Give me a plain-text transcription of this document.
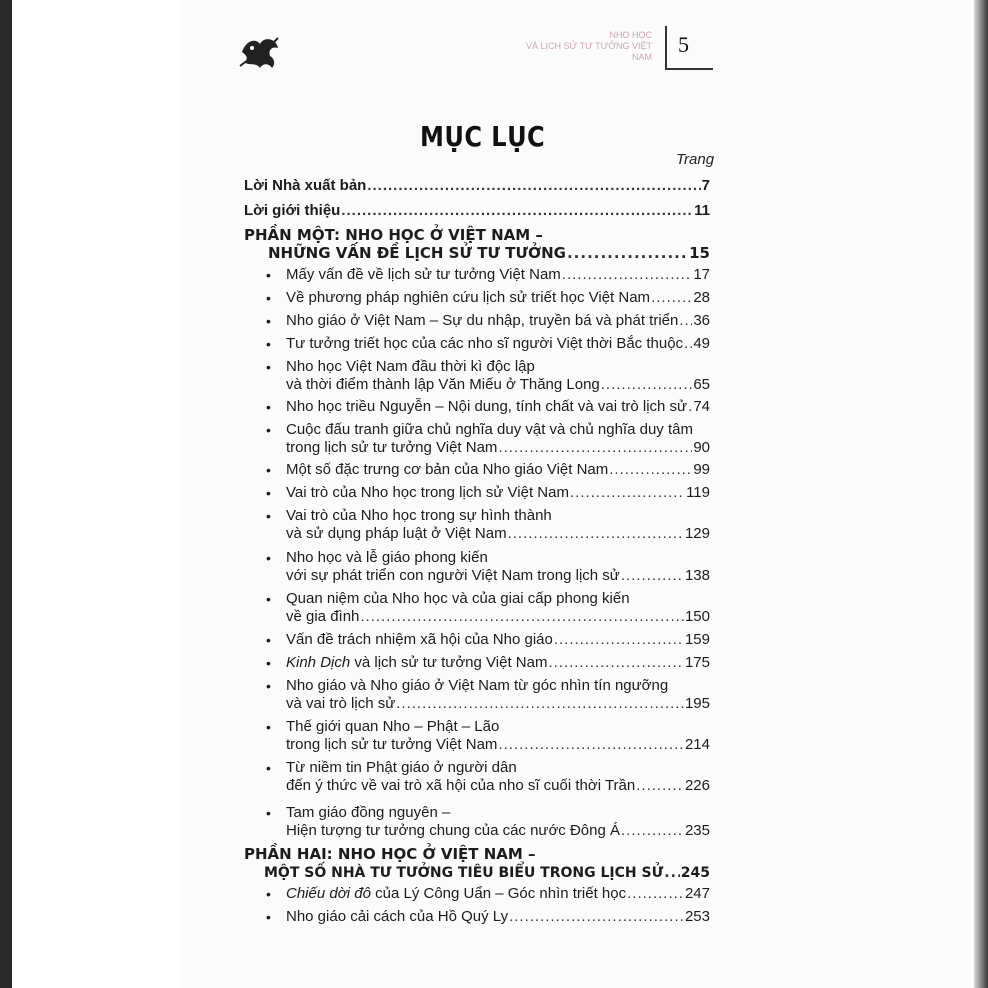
NHO HỌC
VÀ LỊCH SỬ TƯ TƯỞNG VIỆT NAM 5
MỤC LỤC
Trang
Lời Nhà xuất bản .....	7
Lời giới thiệu .....	11
PHẦN MỘT: NHO HỌC Ở VIỆT NAM –
NHỮNG VẤN ĐỀ LỊCH SỬ TƯ TƯỞNG .....	15
• Mấy vấn đề về lịch sử tư tưởng Việt Nam .....	17
• Về phương pháp nghiên cứu lịch sử triết học Việt Nam .....	28
• Nho giáo ở Việt Nam – Sự du nhập, truyền bá và phát triển ..... 36
• Tư tưởng triết học của các nho sĩ người Việt thời Bắc thuộc ..... 49
• Nho học Việt Nam đầu thời kì độc lập
và thời điểm thành lập Văn Miếu ở Thăng Long .....	65
• Nho học triều Nguyễn – Nội dung, tính chất và vai trò lịch sử ..... 74
• Cuộc đấu tranh giữa chủ nghĩa duy vật và chủ nghĩa duy tâm
trong lịch sử tư tưởng Việt Nam .....	90
• Một số đặc trưng cơ bản của Nho giáo Việt Nam .....	99
• Vai trò của Nho học trong lịch sử Việt Nam .....	119
• Vai trò của Nho học trong sự hình thành
và sử dụng pháp luật ở Việt Nam .....	129
• Nho học và lễ giáo phong kiến
với sự phát triển con người Việt Nam trong lịch sử .....	138
• Quan niệm của Nho học và của giai cấp phong kiến
về gia đình .....	150
• Vấn đề trách nhiệm xã hội của Nho giáo .....	159
• Kinh Dịch và lịch sử tư tưởng Việt Nam .....	175
• Nho giáo và Nho giáo ở Việt Nam từ góc nhìn tín ngưỡng
và vai trò lịch sử .....	195
• Thế giới quan Nho – Phật – Lão
trong lịch sử tư tưởng Việt Nam .....	214
• Từ niềm tin Phật giáo ở người dân
đến ý thức về vai trò xã hội của nho sĩ cuối thời Trần .....	226
• Tam giáo đồng nguyên –
Hiện tượng tư tưởng chung của các nước Đông Á .....	235
PHẦN HAI: NHO HỌC Ở VIỆT NAM –
MỘT SỐ NHÀ TƯ TƯỞNG TIÊU BIỂU TRONG LỊCH SỬ ..... 245
• Chiếu dời đô của Lý Công Uẩn – Góc nhìn triết học .....	247
• Nho giáo cải cách của Hồ Quý Ly .....	253
